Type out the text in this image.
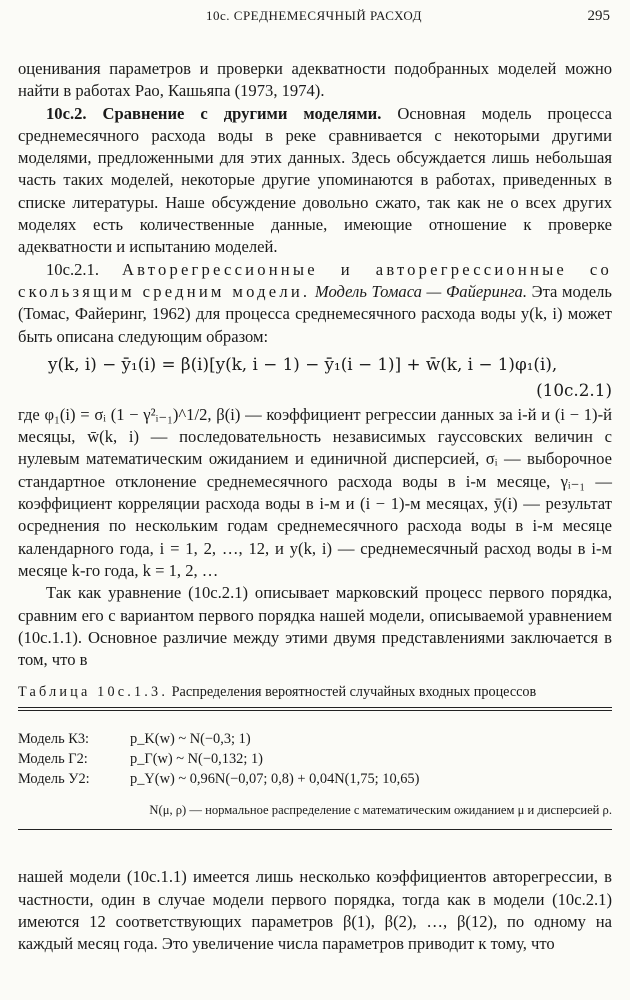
10с. СРЕДНЕМЕСЯЧНЫЙ РАСХОД	295

оценивания параметров и проверки адекватности подобранных моделей можно найти в работах Рао, Кашьяпа (1973, 1974).

10с.2. Сравнение с другими моделями. Основная модель процесса среднемесячного расхода воды в реке сравнивается с некоторыми другими моделями, предложенными для этих данных. Здесь обсуждается лишь небольшая часть таких моделей, некоторые другие упоминаются в работах, приведенных в списке литературы. Наше обсуждение довольно сжато, так как не о всех других моделях есть количественные данные, имеющие отношение к проверке адекватности и испытанию моделей.

10с.2.1. Авторегрессионные и авторегрессионные со скользящим средним модели. Модель Томаса — Файеринга. Эта модель (Томас, Файеринг, 1962) для процесса среднемесячного расхода воды y(k, i) может быть описана следующим образом:

y(k, i) − ȳ₁(i) = β(i)[y(k, i − 1) − ȳ₁(i − 1)] + w̄(k, i − 1)φ₁(i),
(10с.2.1)

где φ₁(i) = σᵢ (1 − γ²ᵢ₋₁)^1/2, β(i) — коэффициент регрессии данных за i-й и (i − 1)-й месяцы, w̄(k, i) — последовательность независимых гауссовских величин с нулевым математическим ожиданием и единичной дисперсией, σᵢ — выборочное стандартное отклонение среднемесячного расхода воды в i-м месяце, γᵢ₋₁ — коэффициент корреляции расхода воды в i-м и (i − 1)-м месяцах, ȳ(i) — результат осреднения по нескольким годам среднемесячного расхода воды в i-м месяце календарного года, i = 1, 2, …, 12, и y(k, i) — среднемесячный расход воды в i-м месяце k-го года, k = 1, 2, …

Так как уравнение (10с.2.1) описывает марковский процесс первого порядка, сравним его с вариантом первого порядка нашей модели, описываемой уравнением (10с.1.1). Основное различие между этими двумя представлениями заключается в том, что в

Таблица 10с.1.3. Распределения вероятностей случайных входных процессов
Модель К3:	p_K(w) ~ N(−0,3; 1)
Модель Г2:	p_Γ(w) ~ N(−0,132; 1)
Модель У2:	p_Y(w) ~ 0,96N(−0,07; 0,8) + 0,04N(1,75; 10,65)
N(μ, ρ) — нормальное распределение с математическим ожиданием μ и дисперсией ρ.

нашей модели (10с.1.1) имеется лишь несколько коэффициентов авторегрессии, в частности, один в случае модели первого порядка, тогда как в модели (10с.2.1) имеются 12 соответствующих параметров β(1), β(2), …, β(12), по одному на каждый месяц года. Это увеличение числа параметров приводит к тому, что
